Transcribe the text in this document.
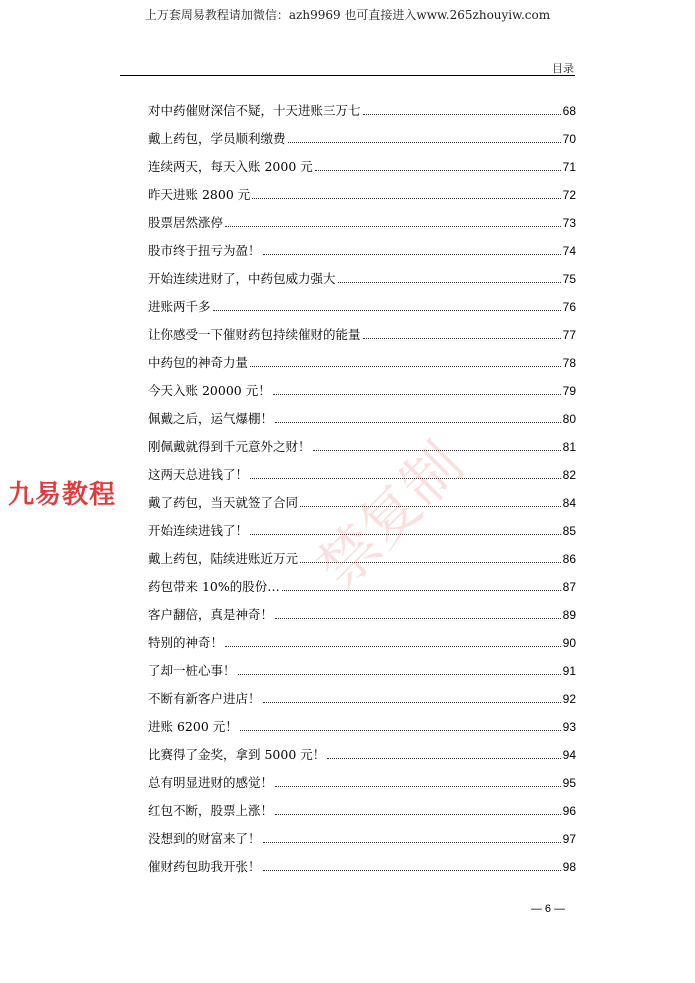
上万套周易教程请加微信：azh9969 也可直接进入www.265zhouyiw.com
目录
对中药催财深信不疑，十天进账三万七	68
戴上药包，学员顺利缴费	70
连续两天，每天入账 2000 元	71
昨天进账 2800 元	72
股票居然涨停	73
股市终于扭亏为盈！	74
开始连续进财了，中药包威力强大	75
进账两千多	76
让你感受一下催财药包持续催财的能量	77
中药包的神奇力量	78
今天入账 20000 元！	79
佩戴之后，运气爆棚！	80
刚佩戴就得到千元意外之财！	81
这两天总进钱了！	82
戴了药包，当天就签了合同	84
开始连续进钱了！	85
戴上药包，陆续进账近万元	86
药包带来 10%的股份…	87
客户翻倍，真是神奇！	89
特别的神奇！	90
了却一桩心事！	91
不断有新客户进店！	92
进账 6200 元！	93
比赛得了金奖，拿到 5000 元！	94
总有明显进财的感觉！	95
红包不断，股票上涨！	96
没想到的财富来了！	97
催财药包助我开张！	98
— 6 —
禁复制
九易教程
